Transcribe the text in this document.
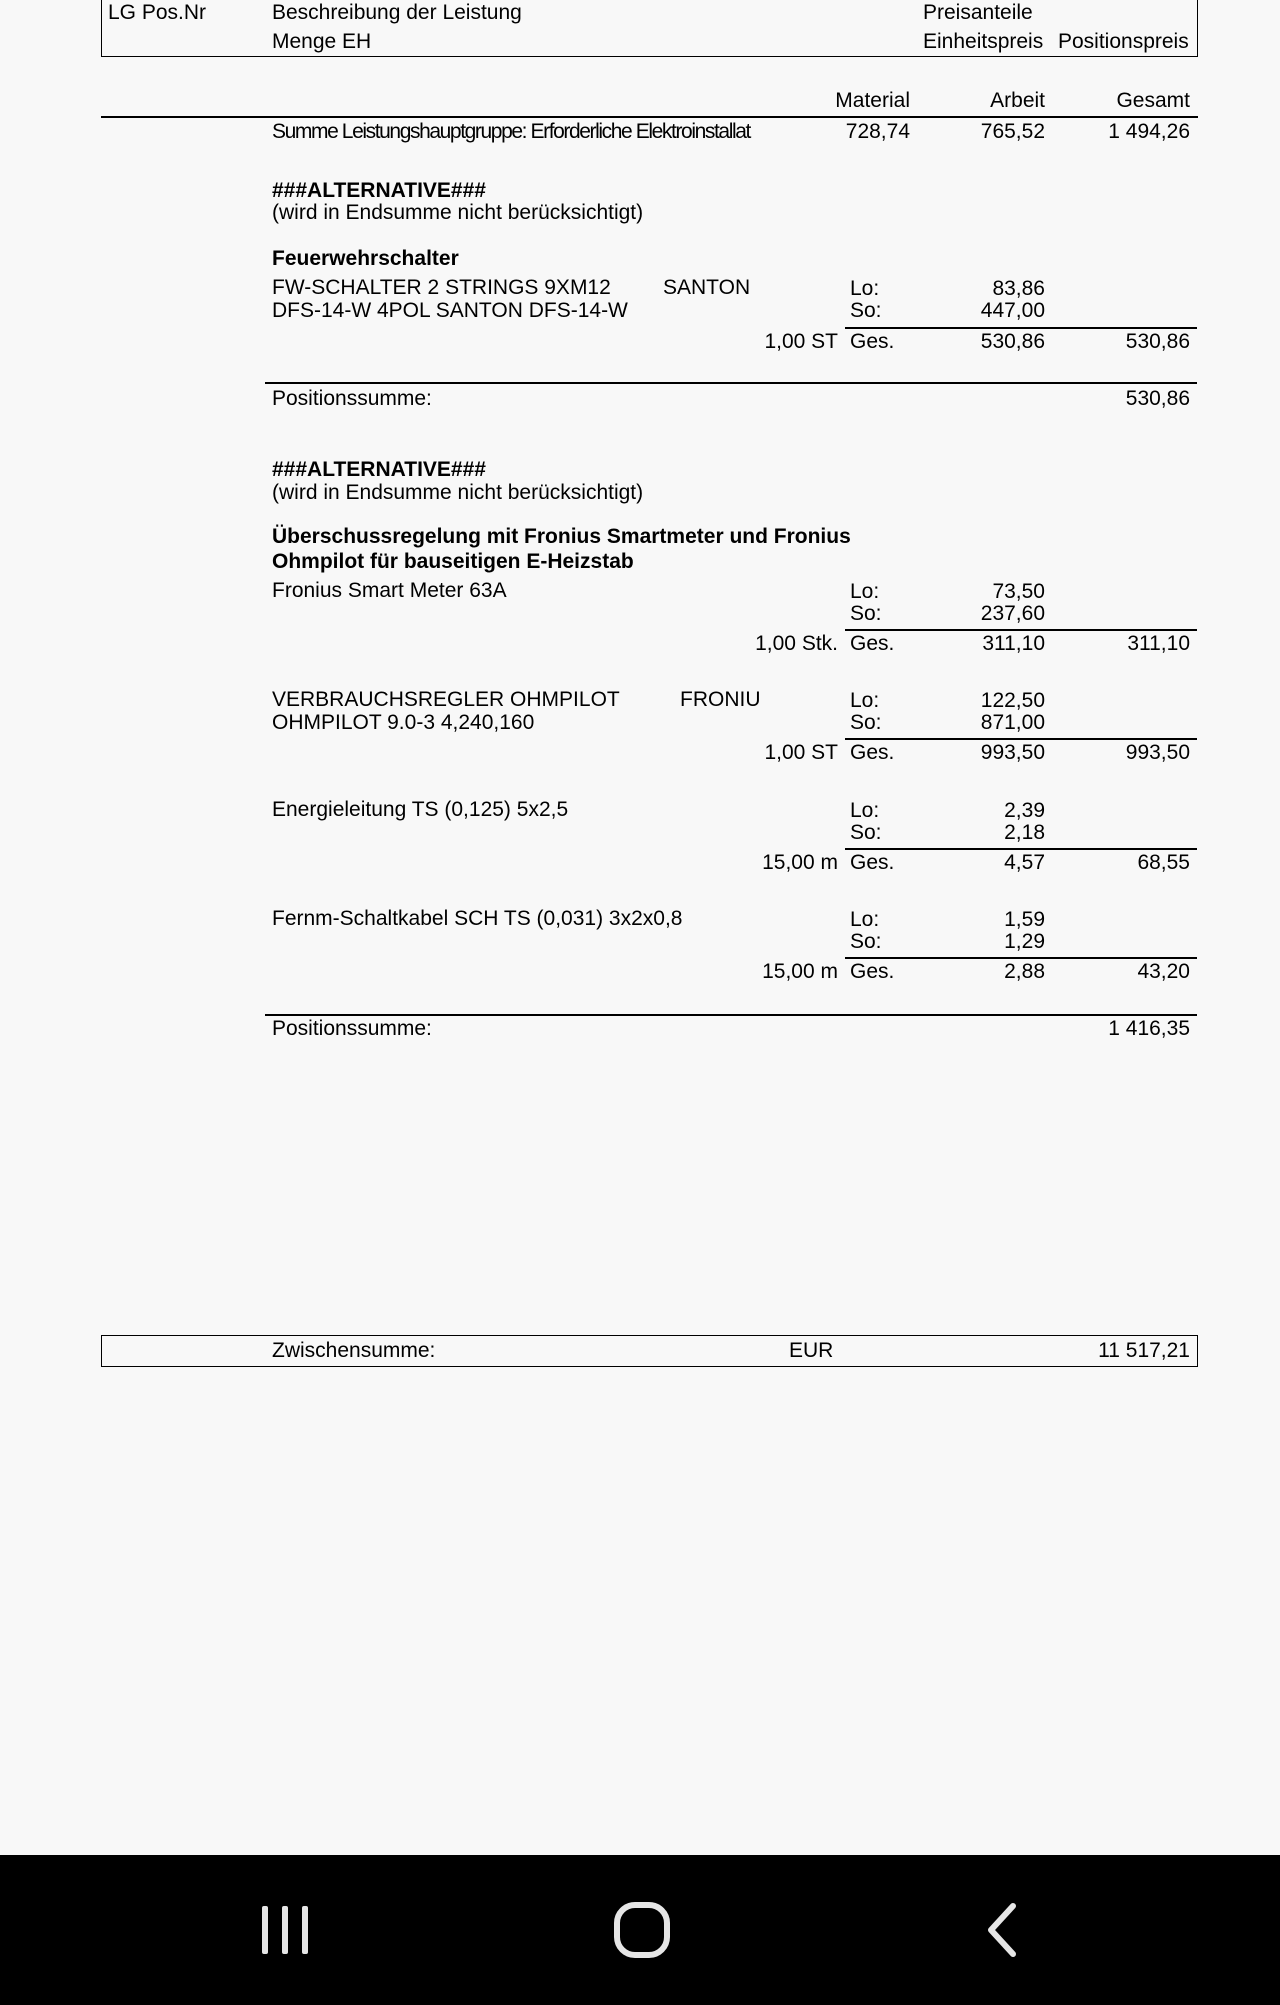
LG Pos.Nr	Beschreibung der Leistung
Menge EH
Preisanteile
Einheitspreis Positionspreis
Material	Arbeit	Gesamt
Summe Leistungshauptgruppe: Erforderliche Elektroinstallat	728,74	765,52	1 494,26
###ALTERNATIVE###
(wird in Endsumme nicht berücksichtigt)
Feuerwehrschalter
FW-SCHALTER 2 STRINGS 9XM12 SANTON
DFS-14-W 4POL SANTON DFS-14-W
Lo:	83,86
So:	447,00
1,00 ST Ges.	530,86	530,86
Positionssumme:	530,86
###ALTERNATIVE###
(wird in Endsumme nicht berücksichtigt)
Überschussregelung mit Fronius Smartmeter und Fronius
Ohmpilot für bauseitigen E-Heizstab
Fronius Smart Meter 63A	Lo:	73,50
So:	237,60
1,00 Stk. Ges.	311,10	311,10
VERBRAUCHSREGLER OHMPILOT	FRONIU
OHMPILOT 9.0-3 4,240,160
Lo:	122,50
So:	871,00
1,00 ST Ges.	993,50	993,50
Energieleitung TS (0,125) 5x2,5	Lo:	2,39
So:	2,18
15,00 m Ges.	4,57	68,55
Fernm-Schaltkabel SCH TS (0,031) 3x2x0,8	Lo:	1,59
So:	1,29
15,00 m Ges.	2,88	43,20
Positionssumme:	1 416,35
Zwischensumme:	EUR	11 517,21
